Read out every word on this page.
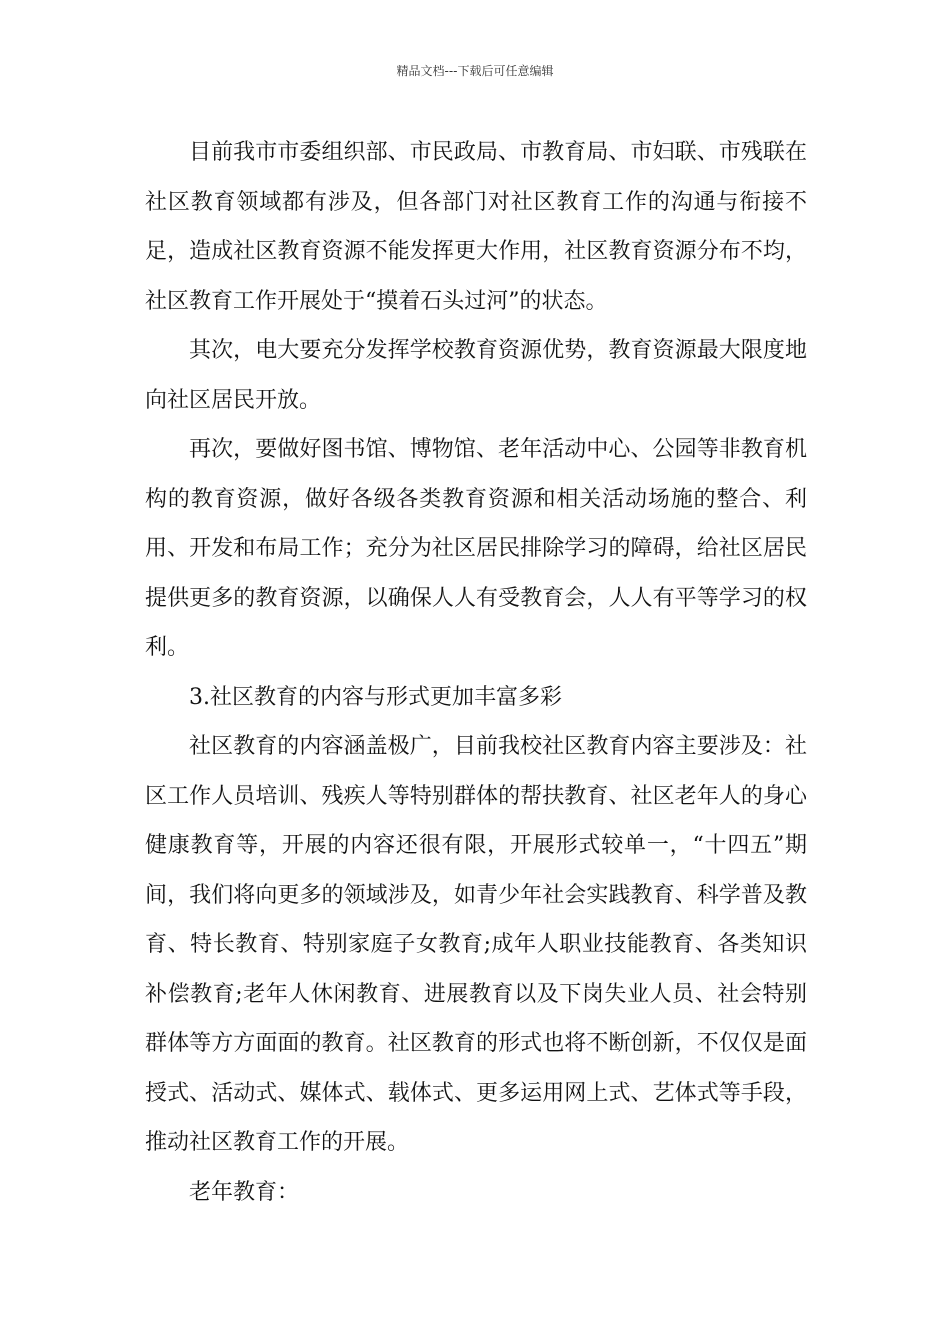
精品文档---下载后可任意编辑

目前我市市委组织部、市民政局、市教育局、市妇联、市残联在社区教育领域都有涉及，但各部门对社区教育工作的沟通与衔接不足，造成社区教育资源不能发挥更大作用，社区教育资源分布不均，社区教育工作开展处于“摸着石头过河”的状态。

其次，电大要充分发挥学校教育资源优势，教育资源最大限度地向社区居民开放。

再次，要做好图书馆、博物馆、老年活动中心、公园等非教育机构的教育资源，做好各级各类教育资源和相关活动场施的整合、利用、开发和布局工作；充分为社区居民排除学习的障碍，给社区居民提供更多的教育资源，以确保人人有受教育会，人人有平等学习的权利。

3.社区教育的内容与形式更加丰富多彩

社区教育的内容涵盖极广，目前我校社区教育内容主要涉及：社区工作人员培训、残疾人等特别群体的帮扶教育、社区老年人的身心健康教育等，开展的内容还很有限，开展形式较单一，“十四五”期间，我们将向更多的领域涉及，如青少年社会实践教育、科学普及教育、特长教育、特别家庭子女教育;成年人职业技能教育、各类知识补偿教育;老年人休闲教育、进展教育以及下岗失业人员、社会特别群体等方方面面的教育。社区教育的形式也将不断创新，不仅仅是面授式、活动式、媒体式、载体式、更多运用网上式、艺体式等手段，推动社区教育工作的开展。

老年教育：
